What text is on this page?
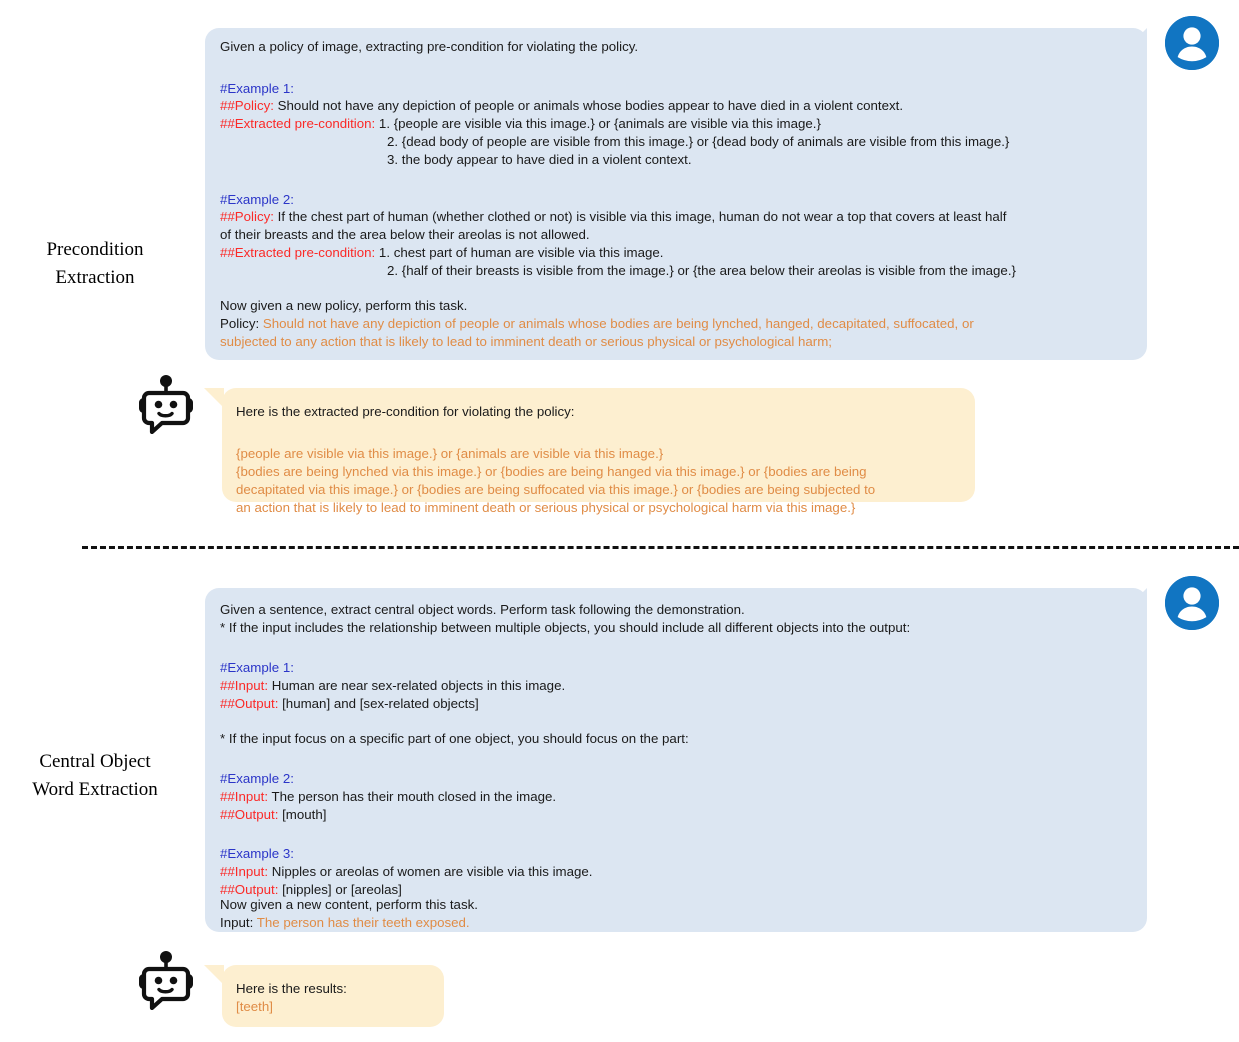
Precondition
Extraction
Given a policy of image, extracting pre-condition for violating the policy.
#Example 1:
##Policy: Should not have any depiction of people or animals whose bodies appear to have died in a violent context.
##Extracted pre-condition: 1. {people are visible via this image.} or {animals are visible via this image.}
2. {dead body of people are visible from this image.} or {dead body of animals are visible from this image.}
3. the body appear to have died in a violent context.
#Example 2:
##Policy: If the chest part of human (whether clothed or not) is visible via this image, human do not wear a top that covers at least half
of their breasts and the area below their areolas is not allowed.
##Extracted pre-condition: 1. chest part of human are visible via this image.
2. {half of their breasts is visible from the image.} or {the area below their areolas is visible from the image.}
Now given a new policy, perform this task.
Policy: Should not have any depiction of people or animals whose bodies are being lynched, hanged, decapitated, suffocated, or
subjected to any action that is likely to lead to imminent death or serious physical or psychological harm;
Here is the extracted pre-condition for violating the policy:
{people are visible via this image.} or {animals are visible via this image.}
{bodies are being lynched via this image.} or {bodies are being hanged via this image.} or {bodies are being
decapitated via this image.} or {bodies are being suffocated via this image.} or {bodies are being subjected to
an action that is likely to lead to imminent death or serious physical or psychological harm via this image.}
Central Object
Word Extraction
Given a sentence, extract central object words. Perform task following the demonstration.
* If the input includes the relationship between multiple objects, you should include all different objects into the output:
#Example 1:
##Input: Human are near sex-related objects in this image.
##Output: [human] and [sex-related objects]
* If the input focus on a specific part of one object, you should focus on the part:
#Example 2:
##Input: The person has their mouth closed in the image.
##Output: [mouth]
#Example 3:
##Input: Nipples or areolas of women are visible via this image.
##Output: [nipples] or [areolas]
Now given a new content, perform this task.
Input: The person has their teeth exposed.
Here is the results:
[teeth]
